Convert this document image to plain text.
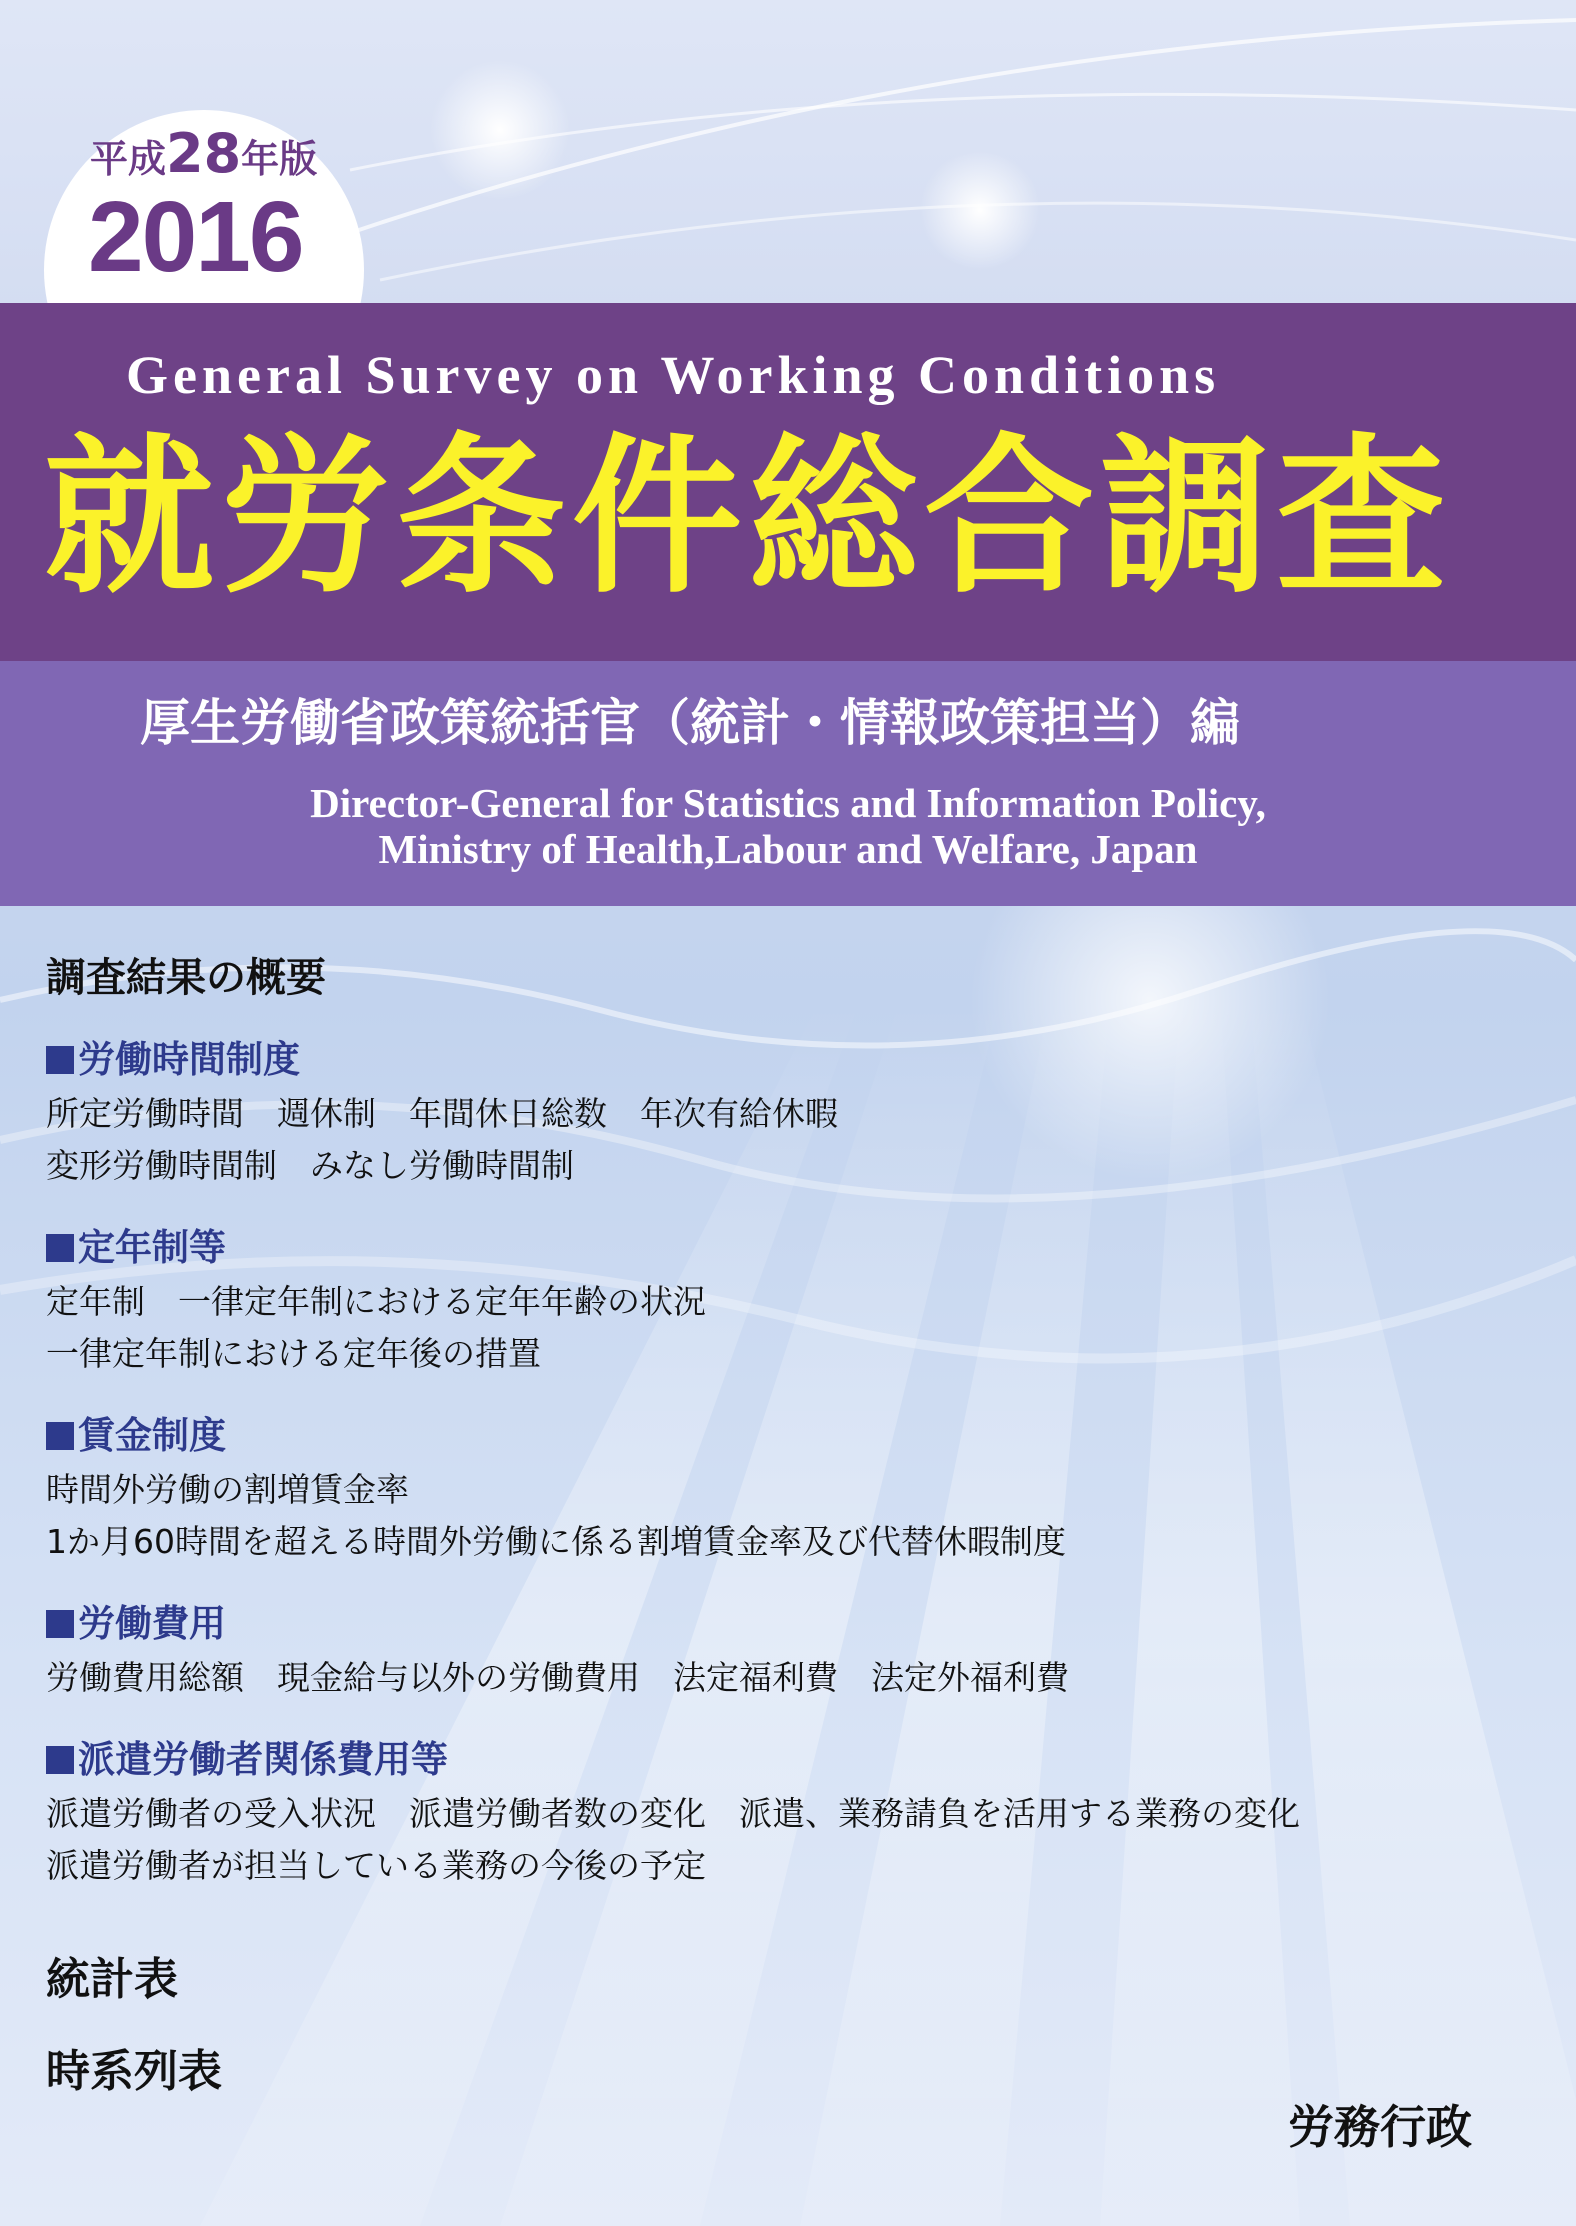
平成28年版
2016
General Survey on Working Conditions
就労条件総合調査
厚生労働省政策統括官（統計・情報政策担当）編
Director-General for Statistics and Information Policy,
Ministry of Health,Labour and Welfare, Japan
調査結果の概要
労働時間制度
所定労働時間　週休制　年間休日総数　年次有給休暇
変形労働時間制　みなし労働時間制
定年制等
定年制　一律定年制における定年年齢の状況
一律定年制における定年後の措置
賃金制度
時間外労働の割増賃金率
1か月60時間を超える時間外労働に係る割増賃金率及び代替休暇制度
労働費用
労働費用総額　現金給与以外の労働費用　法定福利費　法定外福利費
派遣労働者関係費用等
派遣労働者の受入状況　派遣労働者数の変化　派遣、業務請負を活用する業務の変化
派遣労働者が担当している業務の今後の予定
統計表
時系列表
労務行政
